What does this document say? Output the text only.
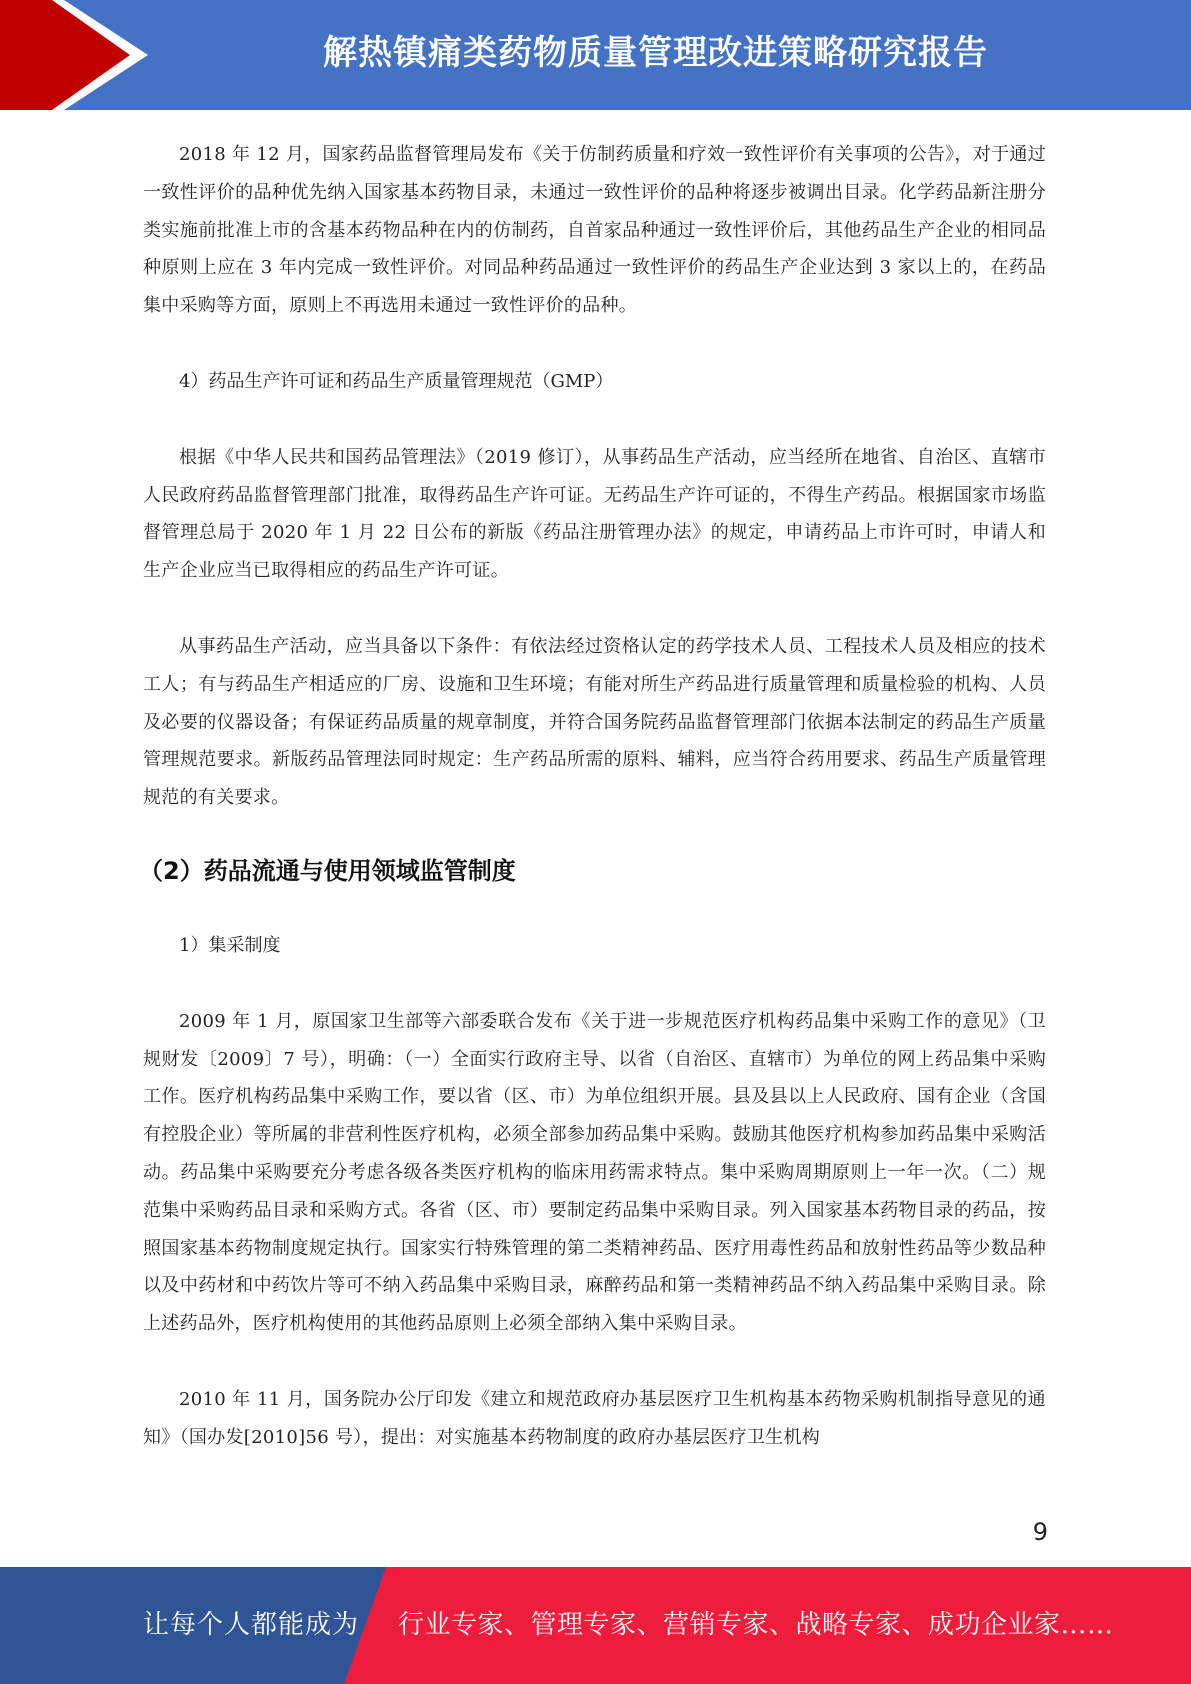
解热镇痛类药物质量管理改进策略研究报告

2018 年 12 月，国家药品监督管理局发布《关于仿制药质量和疗效一致性评价有关事项的公告》，对于通过一致性评价的品种优先纳入国家基本药物目录，未通过一致性评价的品种将逐步被调出目录。化学药品新注册分类实施前批准上市的含基本药物品种在内的仿制药，自首家品种通过一致性评价后，其他药品生产企业的相同品种原则上应在 3 年内完成一致性评价。对同品种药品通过一致性评价的药品生产企业达到 3 家以上的，在药品集中采购等方面，原则上不再选用未通过一致性评价的品种。

4）药品生产许可证和药品生产质量管理规范（GMP）

根据《中华人民共和国药品管理法》（2019 修订），从事药品生产活动，应当经所在地省、自治区、直辖市人民政府药品监督管理部门批准，取得药品生产许可证。无药品生产许可证的，不得生产药品。根据国家市场监督管理总局于 2020 年 1 月 22 日公布的新版《药品注册管理办法》的规定，申请药品上市许可时，申请人和生产企业应当已取得相应的药品生产许可证。

从事药品生产活动，应当具备以下条件：有依法经过资格认定的药学技术人员、工程技术人员及相应的技术工人；有与药品生产相适应的厂房、设施和卫生环境；有能对所生产药品进行质量管理和质量检验的机构、人员及必要的仪器设备；有保证药品质量的规章制度，并符合国务院药品监督管理部门依据本法制定的药品生产质量管理规范要求。新版药品管理法同时规定：生产药品所需的原料、辅料，应当符合药用要求、药品生产质量管理规范的有关要求。

（2）药品流通与使用领域监管制度

1）集采制度

2009 年 1 月，原国家卫生部等六部委联合发布《关于进一步规范医疗机构药品集中采购工作的意见》（卫规财发〔2009〕7 号），明确：（一）全面实行政府主导、以省（自治区、直辖市）为单位的网上药品集中采购工作。医疗机构药品集中采购工作，要以省（区、市）为单位组织开展。县及县以上人民政府、国有企业（含国有控股企业）等所属的非营利性医疗机构，必须全部参加药品集中采购。鼓励其他医疗机构参加药品集中采购活动。药品集中采购要充分考虑各级各类医疗机构的临床用药需求特点。集中采购周期原则上一年一次。（二）规范集中采购药品目录和采购方式。各省（区、市）要制定药品集中采购目录。列入国家基本药物目录的药品，按照国家基本药物制度规定执行。国家实行特殊管理的第二类精神药品、医疗用毒性药品和放射性药品等少数品种以及中药材和中药饮片等可不纳入药品集中采购目录，麻醉药品和第一类精神药品不纳入药品集中采购目录。除上述药品外，医疗机构使用的其他药品原则上必须全部纳入集中采购目录。

2010 年 11 月，国务院办公厅印发《建立和规范政府办基层医疗卫生机构基本药物采购机制指导意见的通知》（国办发[2010]56 号），提出：对实施基本药物制度的政府办基层医疗卫生机构

9
让每个人都能成为 行业专家、管理专家、营销专家、战略专家、成功企业家……
